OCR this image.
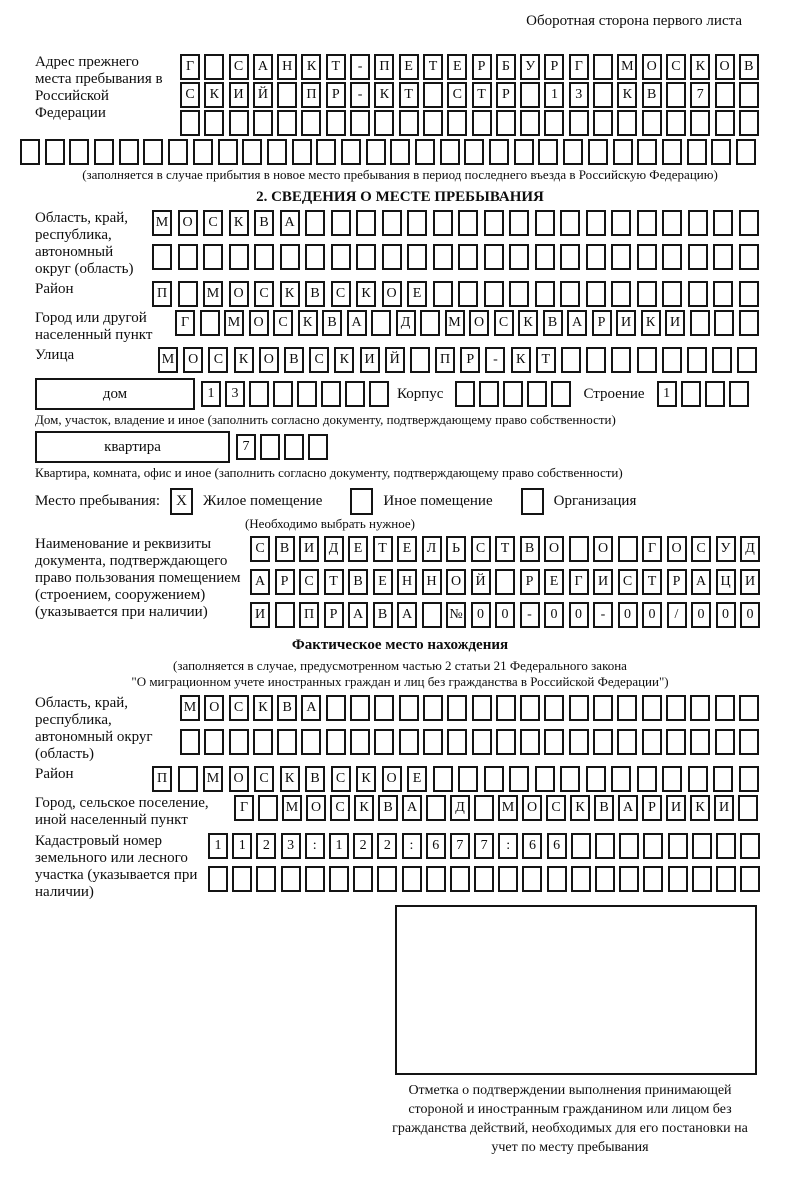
Оборотная сторона первого листа
Адрес прежнего места пребывания в Российской Федерации
Г	С	А	Н	К	Т	-	П	Е	Т	Е	Р	Б	У	Р	Г	М О	С	К	О	В
С	К	И	Й	П	Р	-	К	Т	С	Т	Р	1	3	К	В	7
(заполняется в случае прибытия в новое место пребывания в период последнего въезда в Российскую Федерацию)
2. СВЕДЕНИЯ О МЕСТЕ ПРЕБЫВАНИЯ
Область, край, республика, автономный округ (область)
М	О	С	К	В	А
Район	П	М	О	С	К	В	С	К	О	Е
Город или другой населенный пункт
Г	М О	С	К	В	А	Д	М О	С	К	В	А	Р	И	К	И
Улица	М О	С	К	О	В	С	К	И	Й	П	Р	-	К	Т
дом	1	3	Корпус	Строение	1
Дом, участок, владение и иное (заполнить согласно документу, подтверждающему право собственности)
квартира	7
Квартира, комната, офис и иное (заполнить согласно документу, подтверждающему право собственности)
Место пребывания:	X	Жилое помещение	Иное помещение	Организация
(Необходимо выбрать нужное)
Наименование и реквизиты документа, подтверждающего право пользования помещением (строением, сооружением) (указывается при наличии)
С	В	И	Д	Е	Т	Е	Л	Ь	С	Т	В	О	О	Г	О	С	У	Д
А	Р	С	Т	В	Е	Н	Н	О	Й	Р	Е	Г	И	С	Т	Р	А	Ц	И
И	П	Р	А	В	А	№	0	0	-	0	0	-	0	0	/	0	0	0
Фактическое место нахождения
(заполняется в случае, предусмотренном частью 2 статьи 21 Федерального закона
"О миграционном учете иностранных граждан и лиц без гражданства в Российской Федерации")
Область, край, республика, автономный округ (область)
М О	С	К	В	А
Район	П	М	О	С	К	В	С	К	О	Е
Город, сельское поселение, иной населенный пункт
Г	М О	С	К	В	А	Д	М О	С	К	В	А	Р	И	К	И
Кадастровый номер земельного или лесного участка (указывается при наличии)
1	1	2	3	:	1	2	2	:	6	7	7	:	6	6
Отметка о подтверждении выполнения принимающей стороной и иностранным гражданином или лицом без гражданства действий, необходимых для его постановки на учет по месту пребывания
